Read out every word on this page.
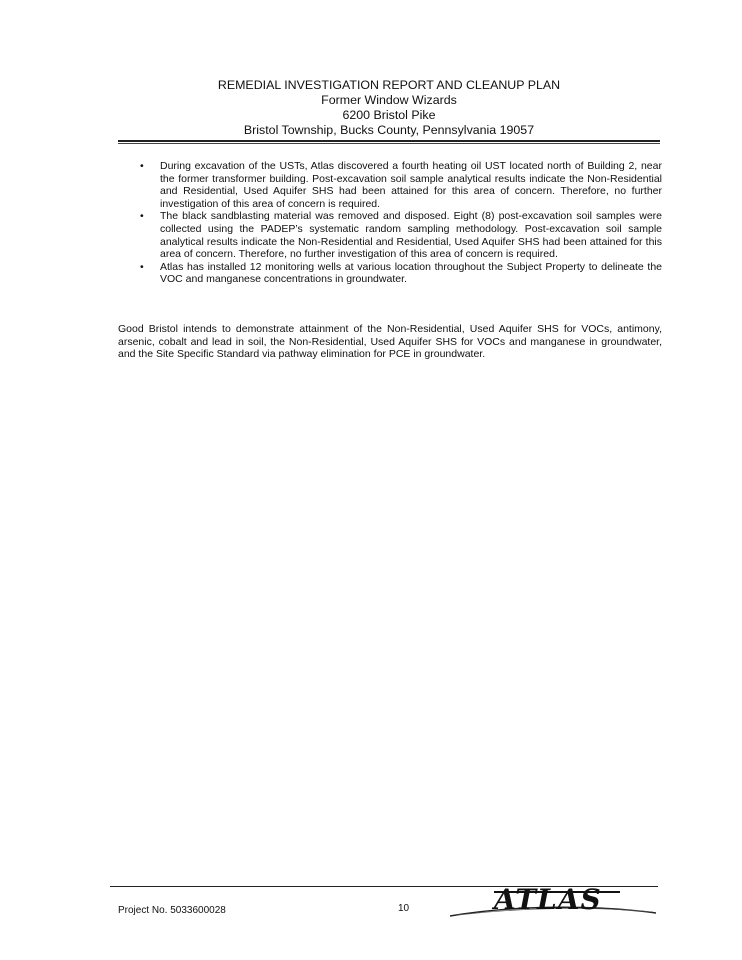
REMEDIAL INVESTIGATION REPORT AND CLEANUP PLAN
Former Window Wizards
6200 Bristol Pike
Bristol Township, Bucks County, Pennsylvania 19057
•	During excavation of the USTs, Atlas discovered a fourth heating oil UST located north of Building 2, near the former transformer building. Post-excavation soil sample analytical results indicate the Non-Residential and Residential, Used Aquifer SHS had been attained for this area of concern. Therefore, no further investigation of this area of concern is required.
•	The black sandblasting material was removed and disposed. Eight (8) post-excavation soil samples were collected using the PADEP’s systematic random sampling methodology. Post-excavation soil sample analytical results indicate the Non-Residential and Residential, Used Aquifer SHS had been attained for this area of concern. Therefore, no further investigation of this area of concern is required.
•	Atlas has installed 12 monitoring wells at various location throughout the Subject Property to delineate the VOC and manganese concentrations in groundwater.

Good Bristol intends to demonstrate attainment of the Non-Residential, Used Aquifer SHS for VOCs, antimony, arsenic, cobalt and lead in soil, the Non-Residential, Used Aquifer SHS for VOCs and manganese in groundwater, and the Site Specific Standard via pathway elimination for PCE in groundwater.

Project No. 5033600028	10	ATLAS
